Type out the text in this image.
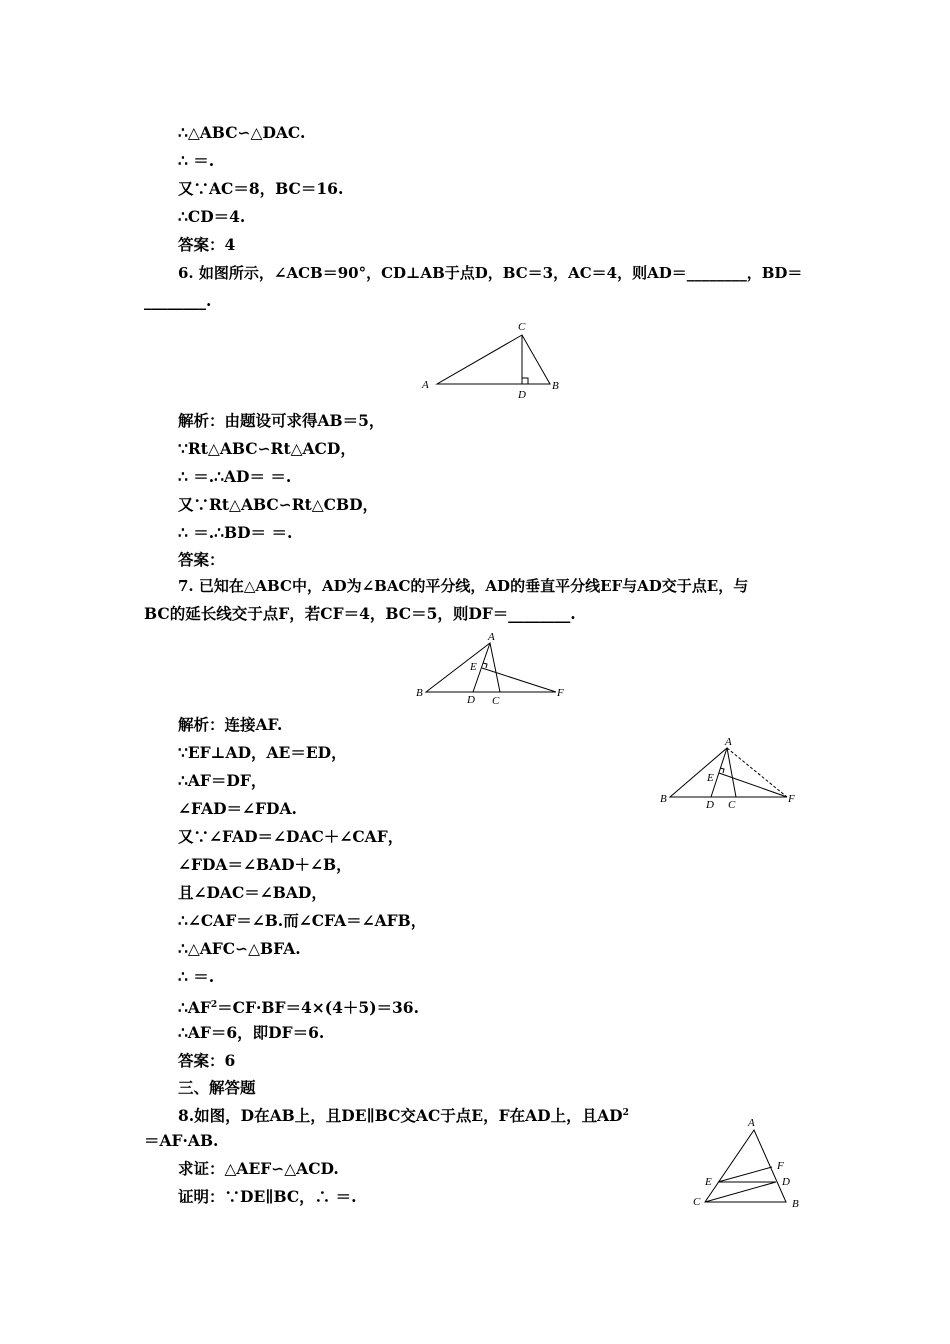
∴△ABC∽△DAC.
∴ ＝.
又∵AC＝8，BC＝16.
∴CD＝4.
答案：4
6. 如图所示，∠ACB＝90°，CD⊥AB于点D，BC＝3，AC＝4，则AD＝________，BD＝
________.
A
C
B
D
解析：由题设可求得AB＝5，
∵Rt△ABC∽Rt△ACD，
∴ ＝.∴AD＝ ＝.
又∵Rt△ABC∽Rt△CBD，
∴ ＝.∴BD＝ ＝.
答案：
7. 已知在△ABC中，AD为∠BAC的平分线，AD的垂直平分线EF与AD交于点E，与
BC的延长线交于点F，若CF＝4，BC＝5，则DF＝________.
A
B
E
D C
F
解析：连接AF.
∵EF⊥AD，AE＝ED，
∴AF＝DF，
∠FAD＝∠FDA.
又∵∠FAD＝∠DAC＋∠CAF，
∠FDA＝∠BAD＋∠B，
且∠DAC＝∠BAD，
∴∠CAF＝∠B.而∠CFA＝∠AFB，
∴△AFC∽△BFA.
∴ ＝.
$\therefore AF^2=CF\cdot BF=4\times(4+5)=36$.
∴AF＝6，即DF＝6.
答案：6
A
B
E
D C	F
三、解答题
8.如图，D在AB上，且DE∥BC交AC于点E，F在AD上，且$AD^2$
＝AF·AB.
求证：△AEF∽△ACD.
证明：∵DE∥BC，∴ ＝.
A
F
E	D
C	B
